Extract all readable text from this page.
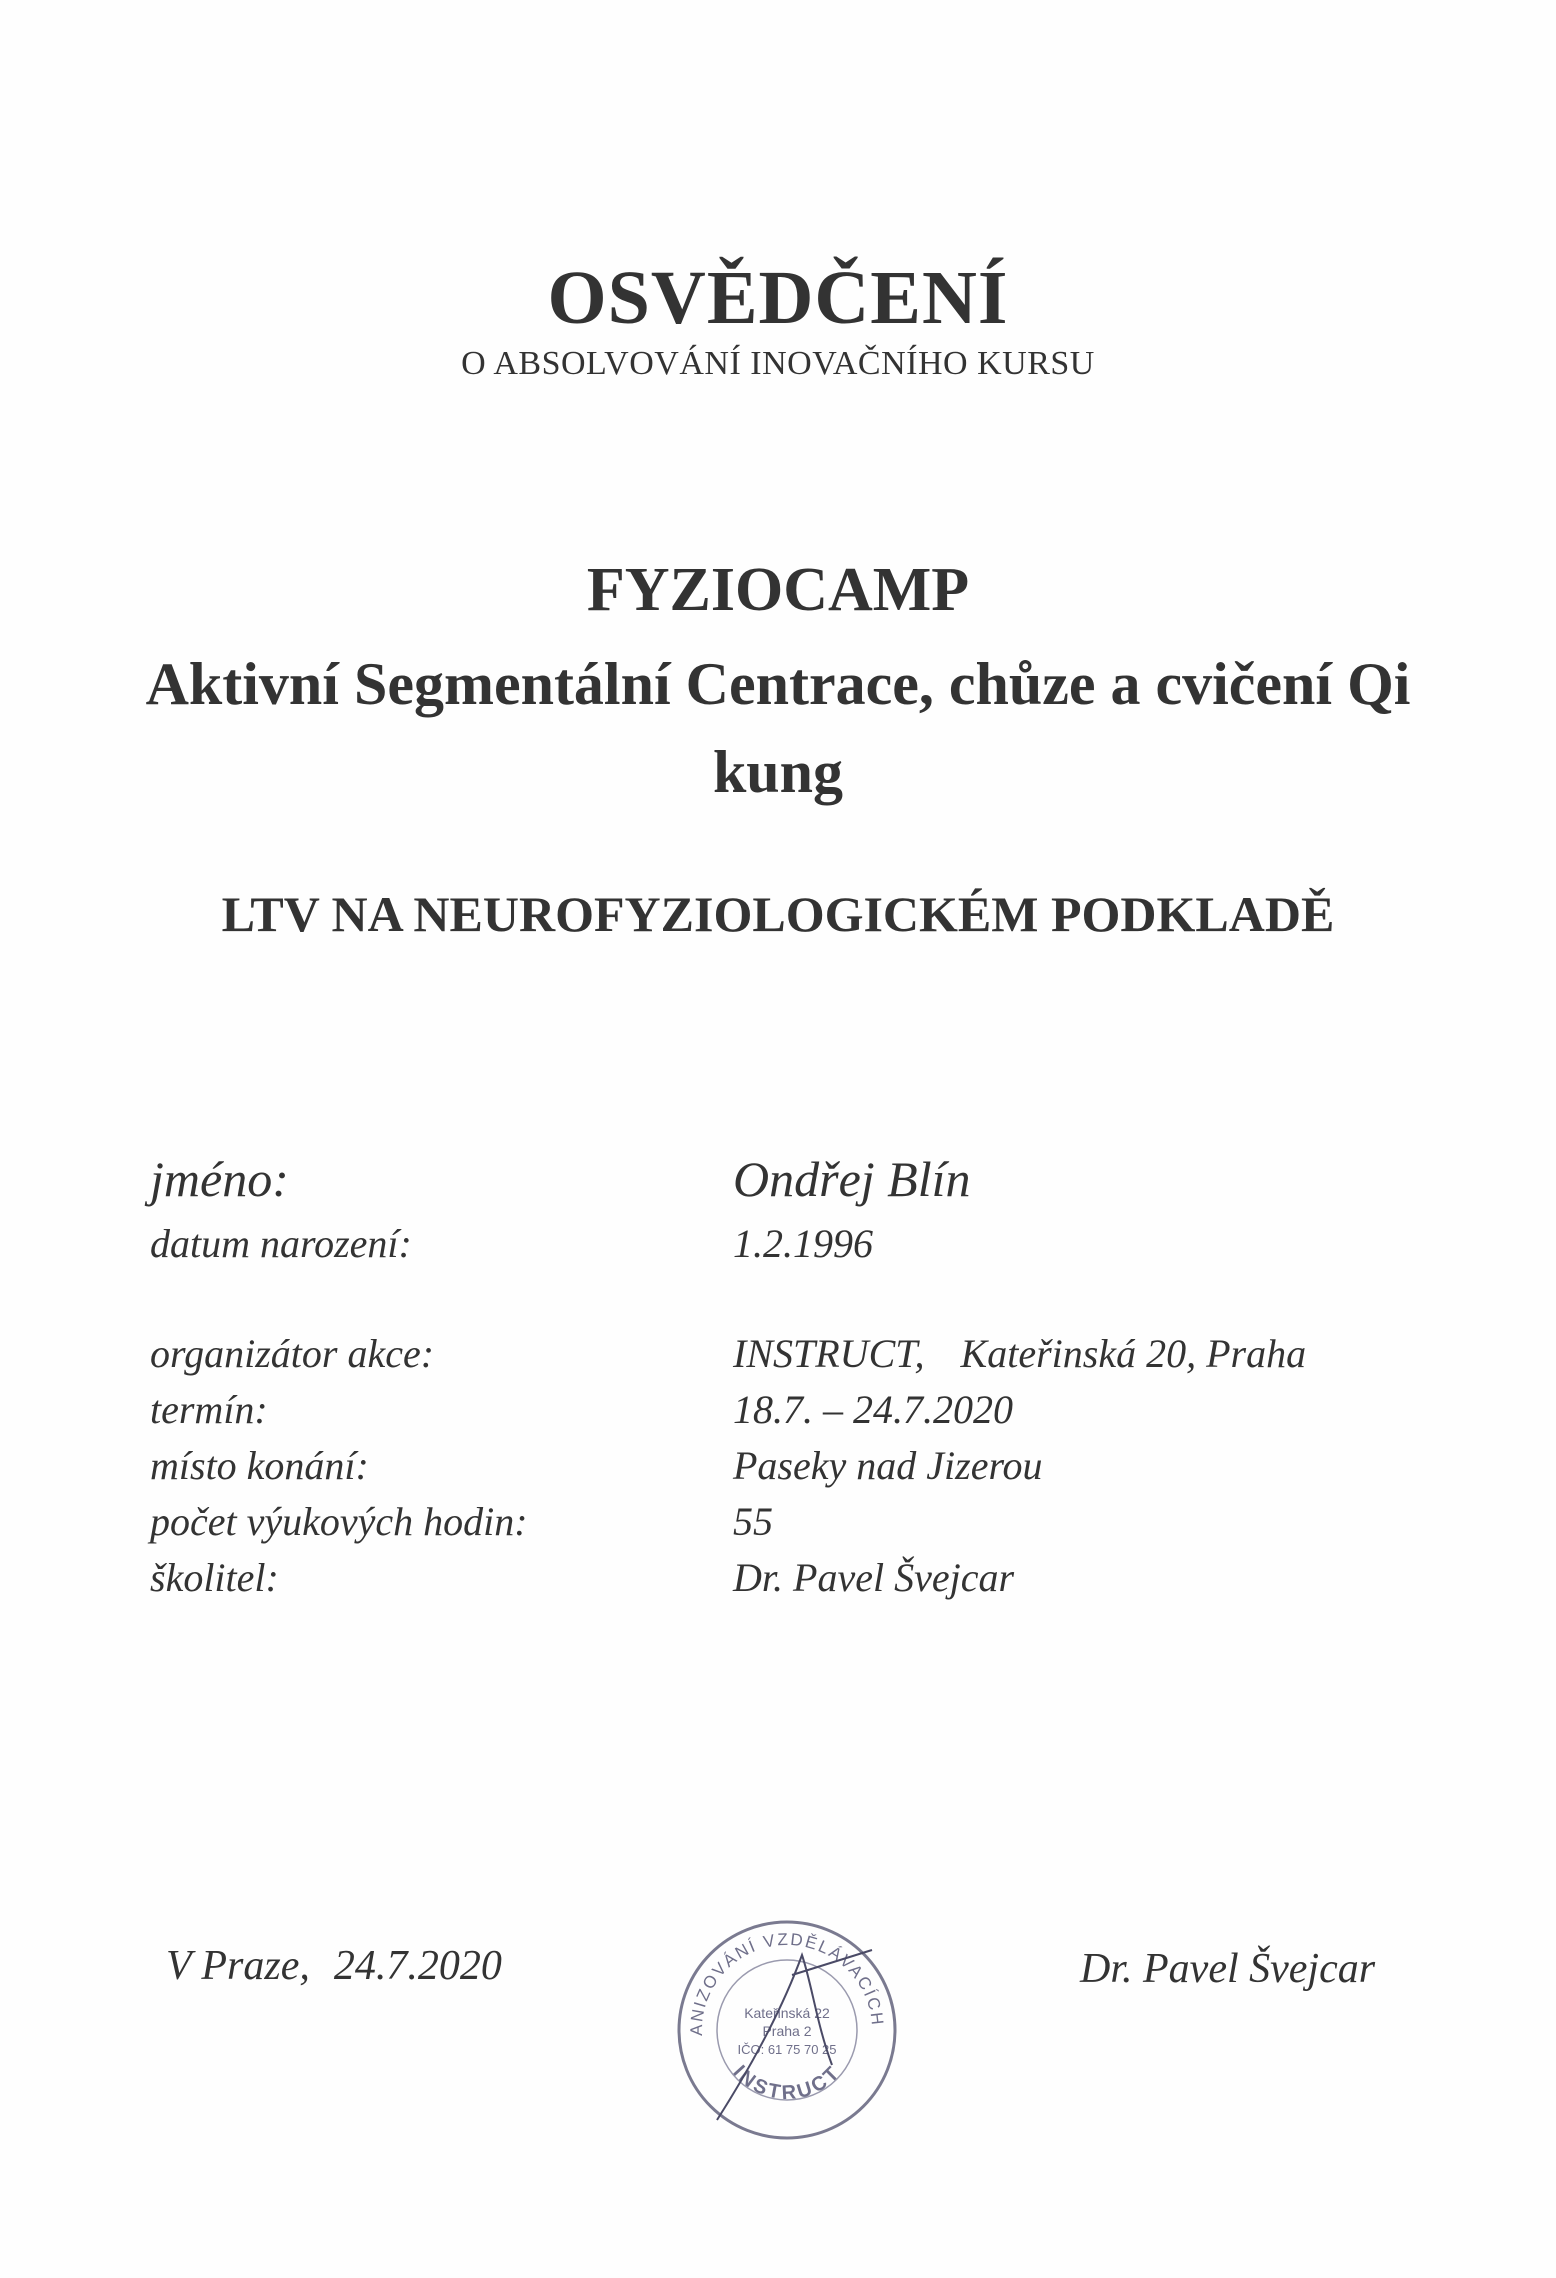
OSVĚDČENÍ
O ABSOLVOVÁNÍ INOVAČNÍHO KURSU
FYZIOCAMP
Aktivní Segmentální Centrace, chůze a cvičení Qi kung
LTV NA NEUROFYZIOLOGICKÉM PODKLADĚ
jméno:	Ondřej Blín
datum narození:	1.2.1996
organizátor akce:	INSTRUCT, Kateřinská 20, Praha
termín:	18.7. – 24.7.2020
místo konání:	Paseky nad Jizerou
počet výukových hodin:	55
školitel:	Dr. Pavel Švejcar
V Praze, 24.7.2020
ANIZOVÁNÍ VZDĚLÁVACÍCH
INSTRUCT
Kateřinská 22
Praha 2
IČO: 61 75 70 25
Dr. Pavel Švejcar
